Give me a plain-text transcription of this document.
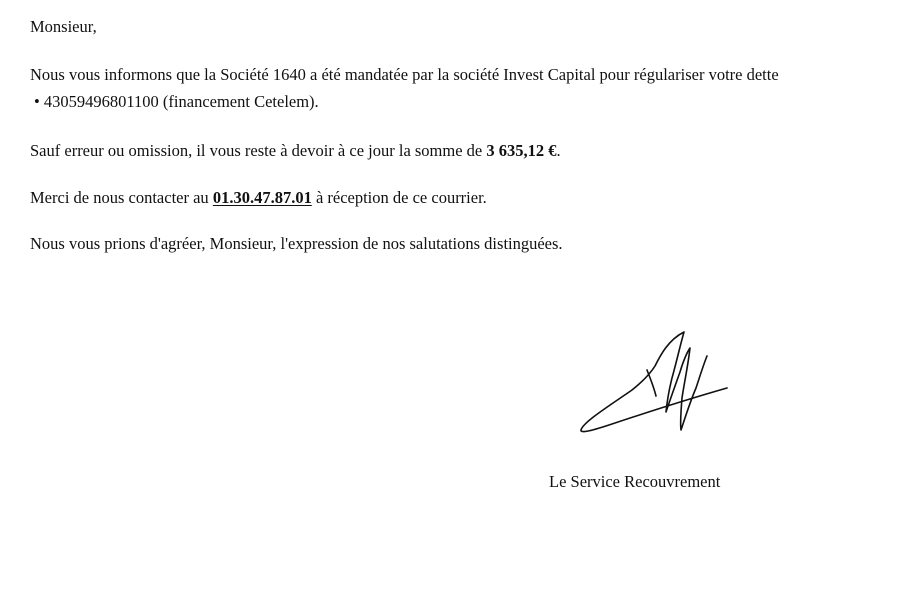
Monsieur,
Nous vous informons que la Société 1640 a été mandatée par la société Invest Capital pour régulariser votre dette
• 43059496801100 (financement Cetelem).
Sauf erreur ou omission, il vous reste à devoir à ce jour la somme de 3 635,12 €.
Merci de nous contacter au 01.30.47.87.01 à réception de ce courrier.
Nous vous prions d'agréer, Monsieur, l'expression de nos salutations distinguées.
Le Service Recouvrement
